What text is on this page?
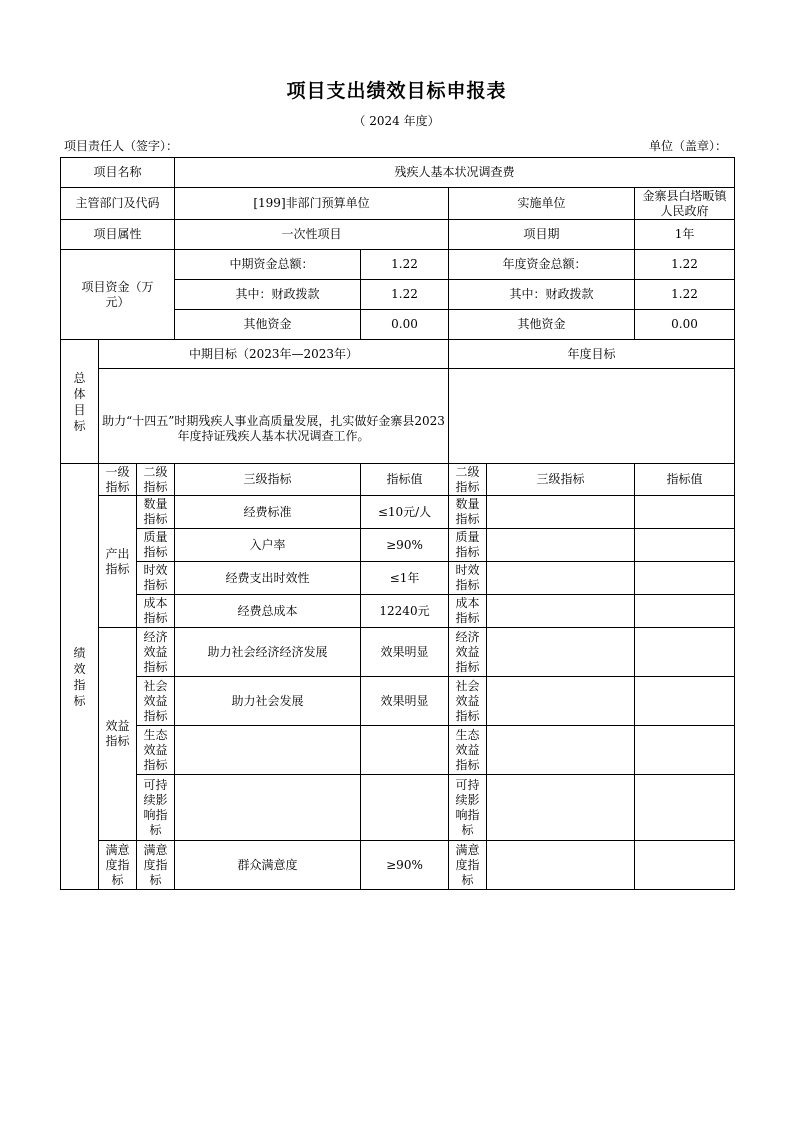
项目支出绩效目标申报表
（ 2024 年度）
项目责任人（签字）：	单位（盖章）：
项目名称			残疾人基本状况调查费				
主管部门及代码			[199]非部门预算单位		实施单位		金寨县白塔畈镇人民政府
项目属性			一次性项目		项目期		1年
项目资金（万元）			中期资金总额：	1.22	年度资金总额：		1.22
			其中：财政拨款	1.22	其中：财政拨款		1.22
			其他资金	0.00	其他资金		0.00

总体目标	中期目标（2023年—2023年）				年度目标		
	助力“十四五”时期残疾人事业高质量发展，扎实做好金寨县2023年度持证残疾人基本状况调查工作。						

绩效指标	一级指标	二级指标	三级指标	指标值	二级指标	三级指标	指标值
	产出指标	数量指标	经费标准	≤10元/人	数量指标		
		质量指标	入户率	≥90%	质量指标		
		时效指标	经费支出时效性	≤1年	时效指标		
		成本指标	经费总成本	12240元	成本指标		
	效益指标	经济效益指标	助力社会经济经济发展	效果明显	经济效益指标		
		社会效益指标	助力社会发展	效果明显	社会效益指标		
		生态效益指标			生态效益指标		
		可持续影响指标			可持续影响指标		
	满意度指标	满意度指标	群众满意度	≥90%	满意度指标		
